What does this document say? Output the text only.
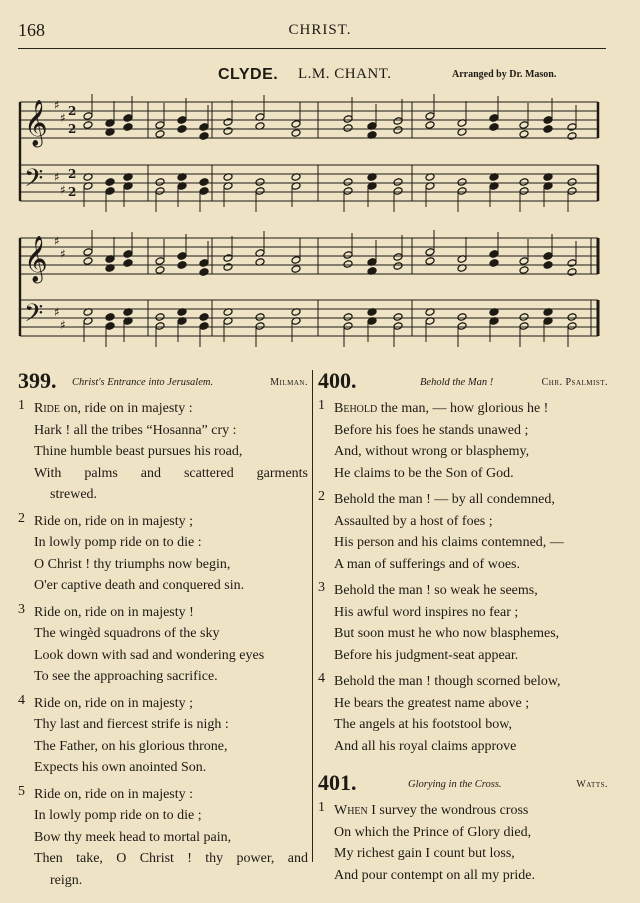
168	CHRIST.
CLYDE. L.M. CHANT.	Arranged by Dr. Mason.
𝄞
𝄢
♯
♯
♯
♯
2
2
2
2
𝄞
𝄢
♯
♯
♯
♯
399. Christ's Entrance into Jerusalem.	Milman.
1 Ride on, ride on in majesty :
Hark ! all the tribes “Hosanna” cry :
Thine humble beast pursues his road,
With palms and scattered garments
strewed.
2 Ride on, ride on in majesty ;
In lowly pomp ride on to die :
O Christ ! thy triumphs now begin,
O'er captive death and conquered sin.
3 Ride on, ride on in majesty !
The wingèd squadrons of the sky
Look down with sad and wondering eyes
To see the approaching sacrifice.
4 Ride on, ride on in majesty ;
Thy last and fiercest strife is nigh :
The Father, on his glorious throne,
Expects his own anointed Son.
5 Ride on, ride on in majesty :
In lowly pomp ride on to die ;
Bow thy meek head to mortal pain,
Then take, O Christ ! thy power, and
reign.
400.	Behold the Man !	Chr. Psalmist.
1 Behold the man, — how glorious he !
Before his foes he stands unawed ;
And, without wrong or blasphemy,
He claims to be the Son of God.
2 Behold the man ! — by all condemned,
Assaulted by a host of foes ;
His person and his claims contemned, —
A man of sufferings and of woes.
3 Behold the man ! so weak he seems,
His awful word inspires no fear ;
But soon must he who now blasphemes,
Before his judgment-seat appear.
4 Behold the man ! though scorned below,
He bears the greatest name above ;
The angels at his footstool bow,
And all his royal claims approve
401.	Glorying in the Cross.	Watts.
1 When I survey the wondrous cross
On which the Prince of Glory died,
My richest gain I count but loss,
And pour contempt on all my pride.
